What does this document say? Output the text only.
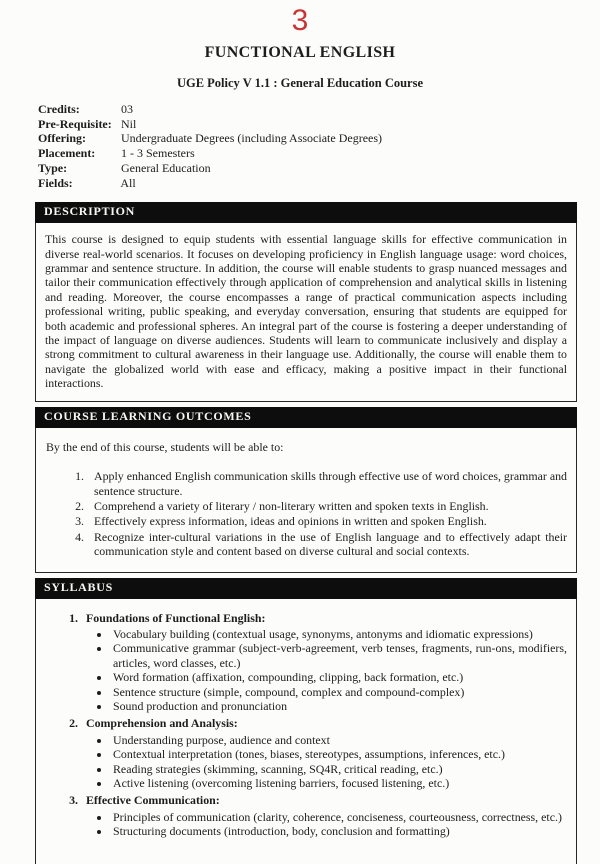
3
FUNCTIONAL ENGLISH
UGE Policy V 1.1 : General Education Course
Credits:	03
Pre-Requisite: Nil
Offering:	Undergraduate Degrees (including Associate Degrees)
Placement: 1 - 3 Semesters
Type:	General Education
Fields:	All
DESCRIPTION

This course is designed to equip students with essential language skills for effective communication in diverse real-world scenarios. It focuses on developing proficiency in English language usage: word choices, grammar and sentence structure. In addition, the course will enable students to grasp nuanced messages and tailor their communication effectively through application of comprehension and analytical skills in listening and reading. Moreover, the course encompasses a range of practical communication aspects including professional writing, public speaking, and everyday conversation, ensuring that students are equipped for both academic and professional spheres. An integral part of the course is fostering a deeper understanding of the impact of language on diverse audiences. Students will learn to communicate inclusively and display a strong commitment to cultural awareness in their language use. Additionally, the course will enable them to navigate the globalized world with ease and efficacy, making a positive impact in their functional interactions.

COURSE LEARNING OUTCOMES

By the end of this course, students will be able to:

1. Apply enhanced English communication skills through effective use of word choices, grammar and sentence structure.
2. Comprehend a variety of literary / non-literary written and spoken texts in English.
3. Effectively express information, ideas and opinions in written and spoken English.
4. Recognize inter-cultural variations in the use of English language and to effectively adapt their communication style and content based on diverse cultural and social contexts.
SYLLABUS
1. Foundations of Functional English:
• Vocabulary building (contextual usage, synonyms, antonyms and idiomatic expressions)
• Communicative grammar (subject-verb-agreement, verb tenses, fragments, run-ons, modifiers, articles, word classes, etc.)
• Word formation (affixation, compounding, clipping, back formation, etc.)
• Sentence structure (simple, compound, complex and compound-complex)
• Sound production and pronunciation
2. Comprehension and Analysis:
• Understanding purpose, audience and context
• Contextual interpretation (tones, biases, stereotypes, assumptions, inferences, etc.)
• Reading strategies (skimming, scanning, SQ4R, critical reading, etc.)
• Active listening (overcoming listening barriers, focused listening, etc.)
3. Effective Communication:
• Principles of communication (clarity, coherence, conciseness, courteousness, correctness, etc.)
• Structuring documents (introduction, body, conclusion and formatting)
